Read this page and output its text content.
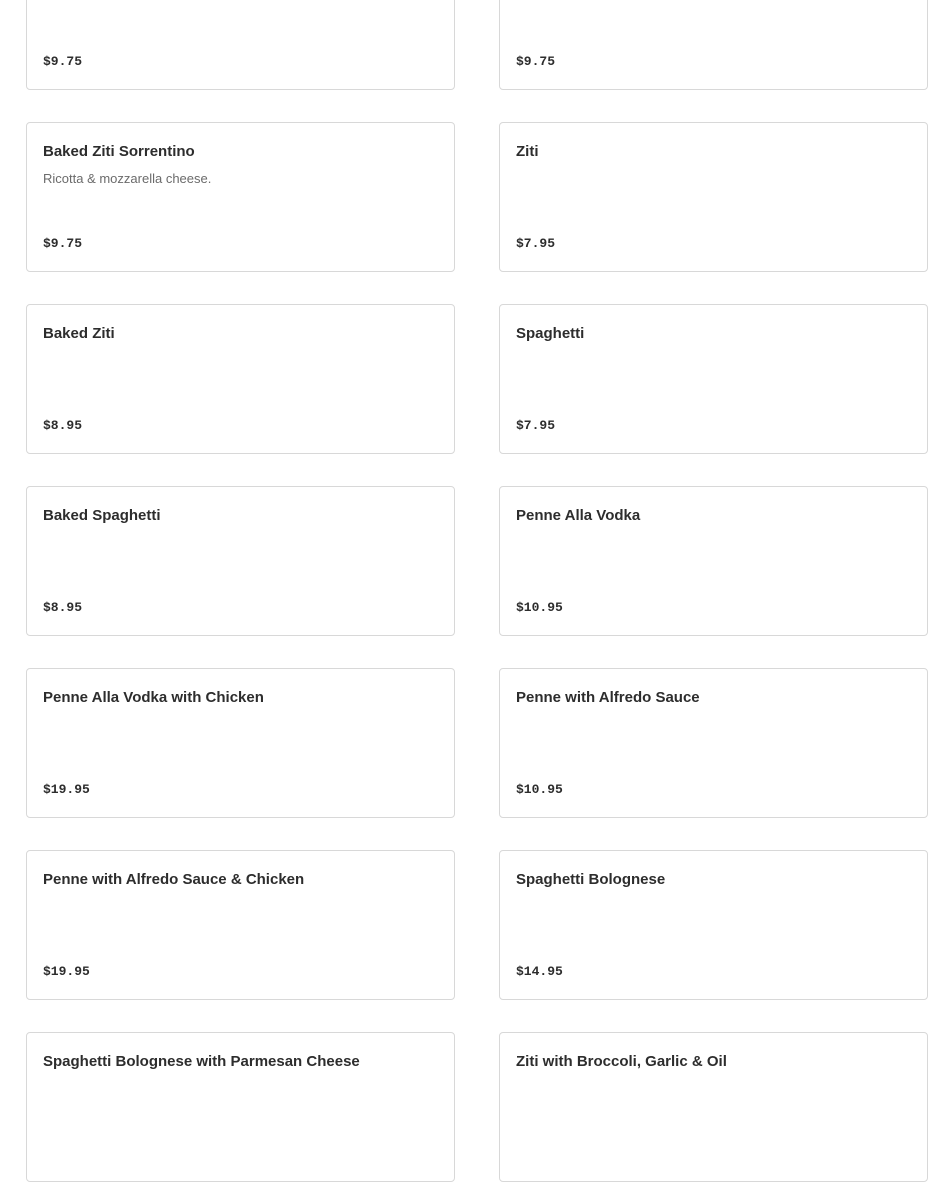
$9.75	$9.75
Baked Ziti Sorrentino
Ricotta & mozzarella cheese.
$9.75
Ziti
$7.95
Baked Ziti
$8.95
Spaghetti
$7.95
Baked Spaghetti
$8.95
Penne Alla Vodka
$10.95
Penne Alla Vodka with Chicken
$19.95
Penne with Alfredo Sauce
$10.95
Penne with Alfredo Sauce & Chicken
$19.95
Spaghetti Bolognese
$14.95
Spaghetti Bolognese with Parmesan Cheese	Ziti with Broccoli, Garlic & Oil
